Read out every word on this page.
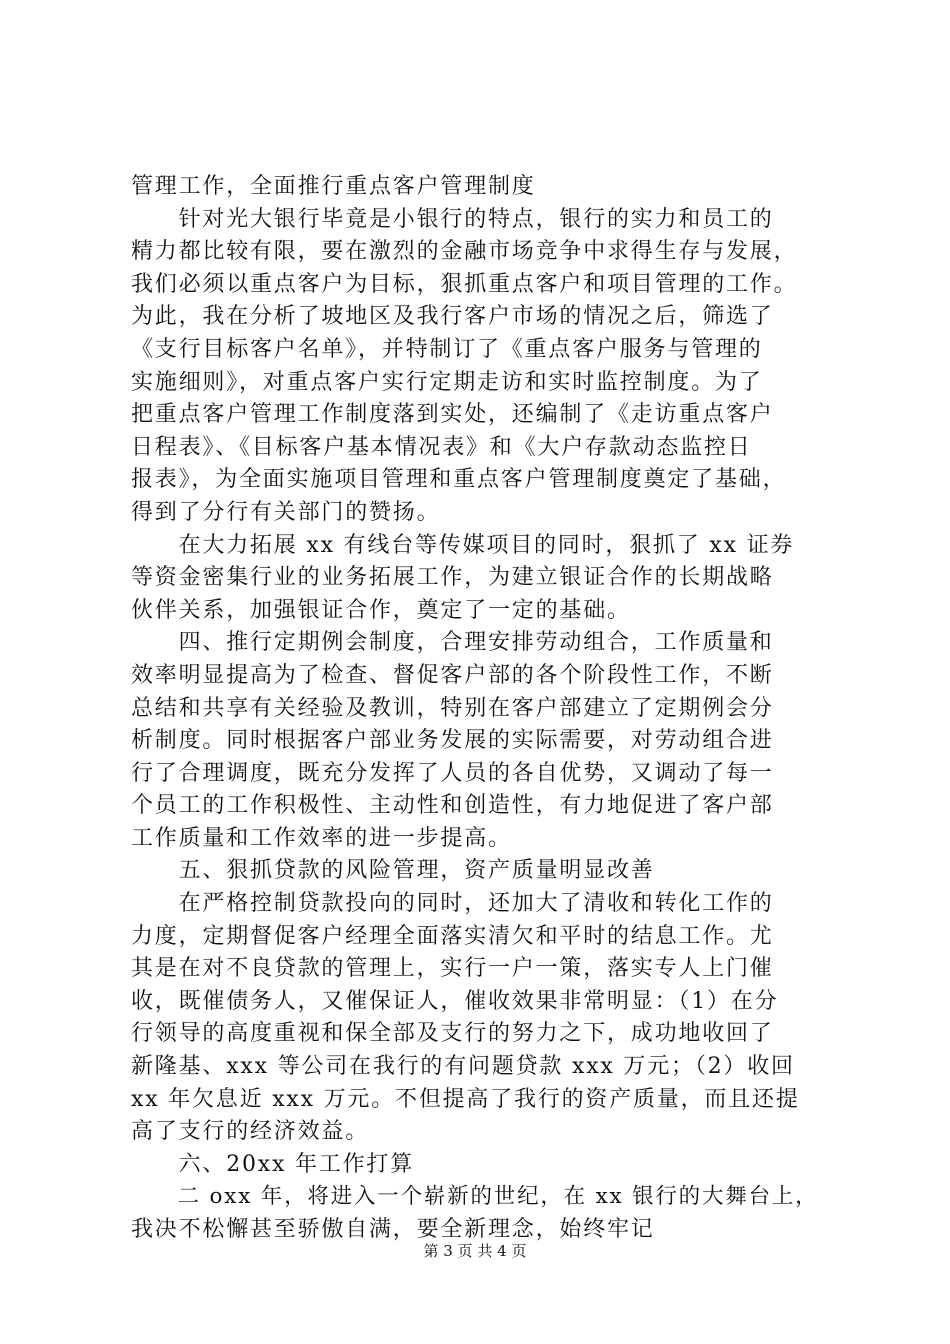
管理工作，全面推行重点客户管理制度
　　针对光大银行毕竟是小银行的特点，银行的实力和员工的
精力都比较有限，要在激烈的金融市场竞争中求得生存与发展，
我们必须以重点客户为目标，狠抓重点客户和项目管理的工作。
为此，我在分析了坡地区及我行客户市场的情况之后，筛选了
《支行目标客户名单》，并特制订了《重点客户服务与管理的
实施细则》，对重点客户实行定期走访和实时监控制度。为了
把重点客户管理工作制度落到实处，还编制了《走访重点客户
日程表》、《目标客户基本情况表》和《大户存款动态监控日
报表》，为全面实施项目管理和重点客户管理制度奠定了基础，
得到了分行有关部门的赞扬。
　　在大力拓展 xx 有线台等传媒项目的同时，狠抓了 xx 证券
等资金密集行业的业务拓展工作，为建立银证合作的长期战略
伙伴关系，加强银证合作，奠定了一定的基础。
　　四、推行定期例会制度，合理安排劳动组合，工作质量和
效率明显提高为了检查、督促客户部的各个阶段性工作，不断
总结和共享有关经验及教训，特别在客户部建立了定期例会分
析制度。同时根据客户部业务发展的实际需要，对劳动组合进
行了合理调度，既充分发挥了人员的各自优势，又调动了每一
个员工的工作积极性、主动性和创造性，有力地促进了客户部
工作质量和工作效率的进一步提高。
　　五、狠抓贷款的风险管理，资产质量明显改善
　　在严格控制贷款投向的同时，还加大了清收和转化工作的
力度，定期督促客户经理全面落实清欠和平时的结息工作。尤
其是在对不良贷款的管理上，实行一户一策，落实专人上门催
收，既催债务人，又催保证人，催收效果非常明显：（1）在分
行领导的高度重视和保全部及支行的努力之下，成功地收回了
新隆基、xxx 等公司在我行的有问题贷款 xxx 万元；（2）收回
xx 年欠息近 xxx 万元。不但提高了我行的资产质量，而且还提
高了支行的经济效益。
　　六、20xx 年工作打算
　　二 oxx 年，将进入一个崭新的世纪，在 xx 银行的大舞台上，
我决不松懈甚至骄傲自满，要全新理念，始终牢记
第 3 页 共 4 页
